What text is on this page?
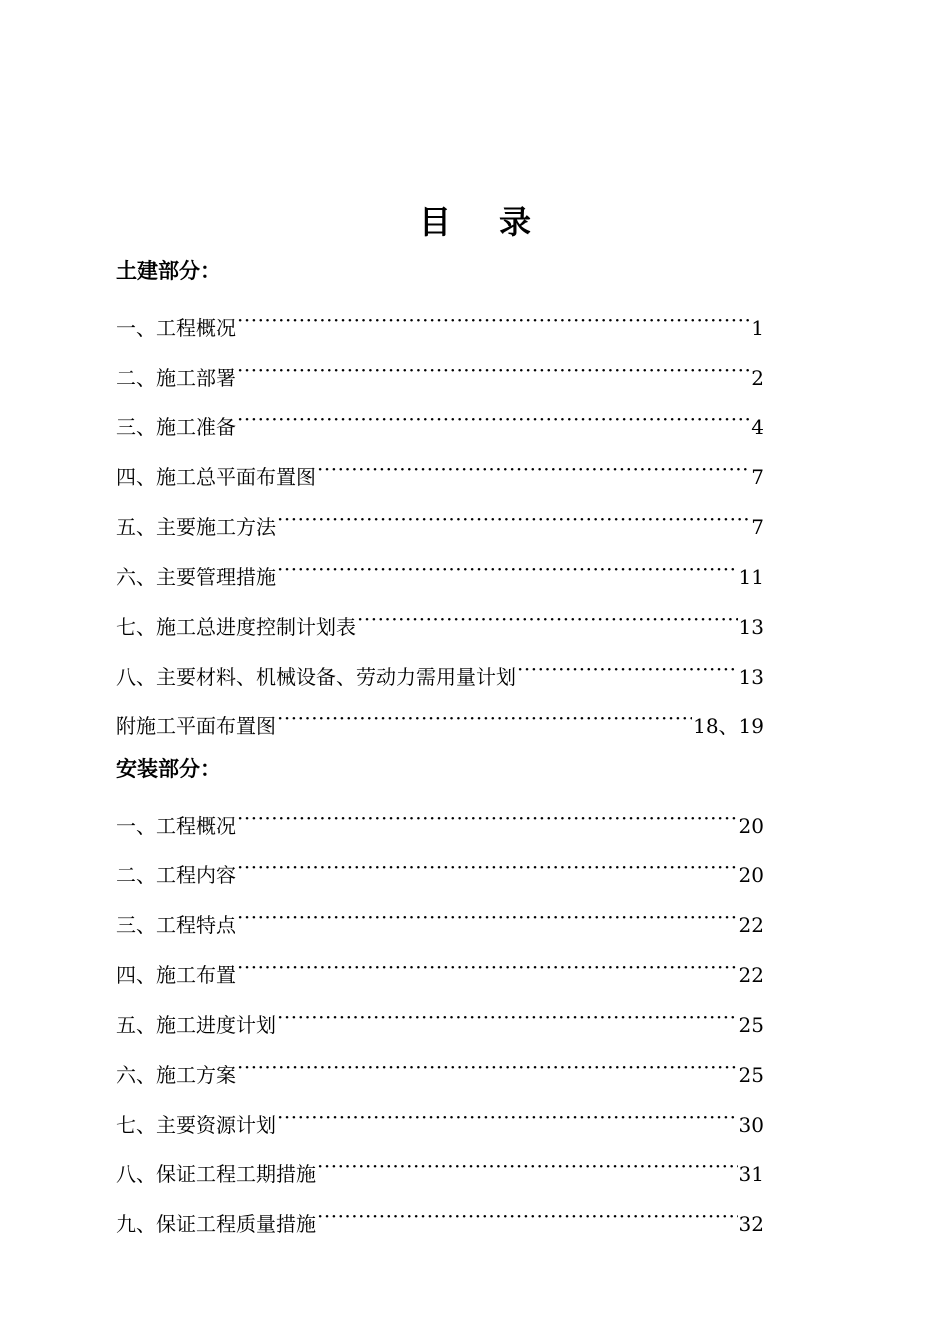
目 录
土建部分：
一、工程概况 ·····	1
二、施工部署 ·····	2
三、施工准备 ·····	4
四、施工总平面布置图 ·····	7
五、主要施工方法 ·····	7
六、主要管理措施 ·····	11
七、施工总进度控制计划表 ·····	13
八、主要材料、机械设备、劳动力需用量计划 ·····	13
附施工平面布置图 ·····	18、19
安装部分：
一、工程概况 ·····	20
二、工程内容 ·····	20
三、工程特点 ·····	22
四、施工布置 ·····	22
五、施工进度计划 ·····	25
六、施工方案 ·····	25
七、主要资源计划 ·····	30
八、保证工程工期措施 ·····	31
九、保证工程质量措施 ·····	32
